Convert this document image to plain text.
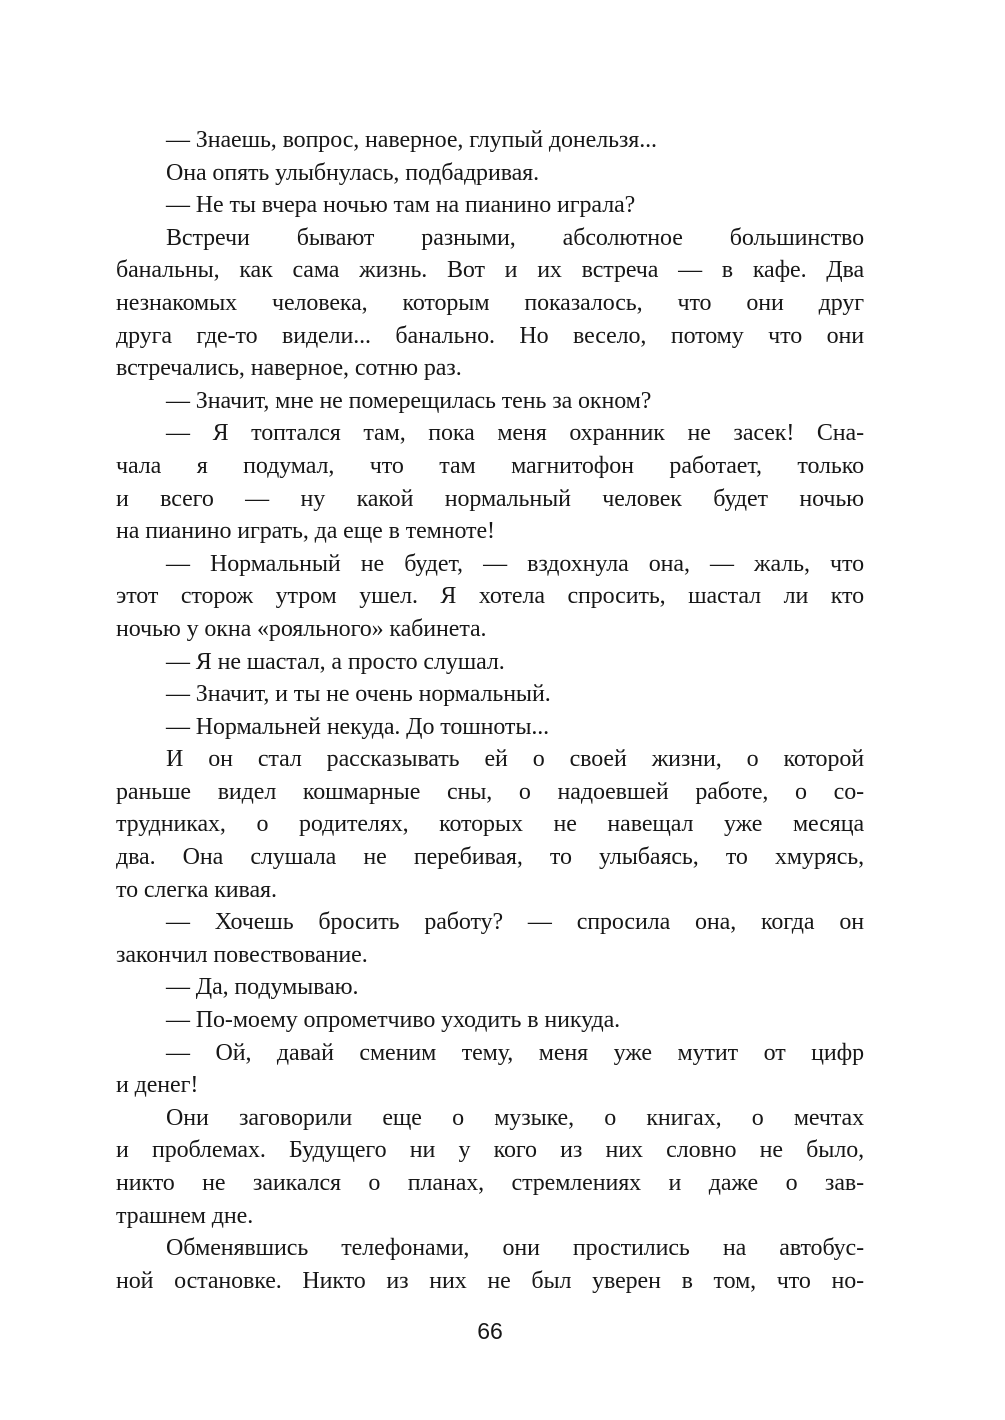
— Знаешь, вопрос, наверное, глупый донельзя...
Она опять улыбнулась, подбадривая.
— Не ты вчера ночью там на пианино играла?
Встречи бывают разными, абсолютное большинство
банальны, как сама жизнь. Вот и их встреча — в кафе. Два
незнакомых человека, которым показалось, что они друг
друга где-то видели... банально. Но весело, потому что они
встречались, наверное, сотню раз.
— Значит, мне не померещилась тень за окном?
— Я топтался там, пока меня охранник не засек! Сна-
чала я подумал, что там магнитофон работает, только
и всего — ну какой нормальный человек будет ночью
на пианино играть, да еще в темноте!
— Нормальный не будет, — вздохнула она, — жаль, что
этот сторож утром ушел. Я хотела спросить, шастал ли кто
ночью у окна «рояльного» кабинета.
— Я не шастал, а просто слушал.
— Значит, и ты не очень нормальный.
— Нормальней некуда. До тошноты...
И он стал рассказывать ей о своей жизни, о которой
раньше видел кошмарные сны, о надоевшей работе, о со-
трудниках, о родителях, которых не навещал уже месяца
два. Она слушала не перебивая, то улыбаясь, то хмурясь,
то слегка кивая.
— Хочешь бросить работу? — спросила она, когда он
закончил повествование.
— Да, подумываю.
— По-моему опрометчиво уходить в никуда.
— Ой, давай сменим тему, меня уже мутит от цифр
и денег!
Они заговорили еще о музыке, о книгах, о мечтах
и проблемах. Будущего ни у кого из них словно не было,
никто не заикался о планах, стремлениях и даже о зав-
трашнем дне.
Обменявшись телефонами, они простились на автобус-
ной остановке. Никто из них не был уверен в том, что но-
66
